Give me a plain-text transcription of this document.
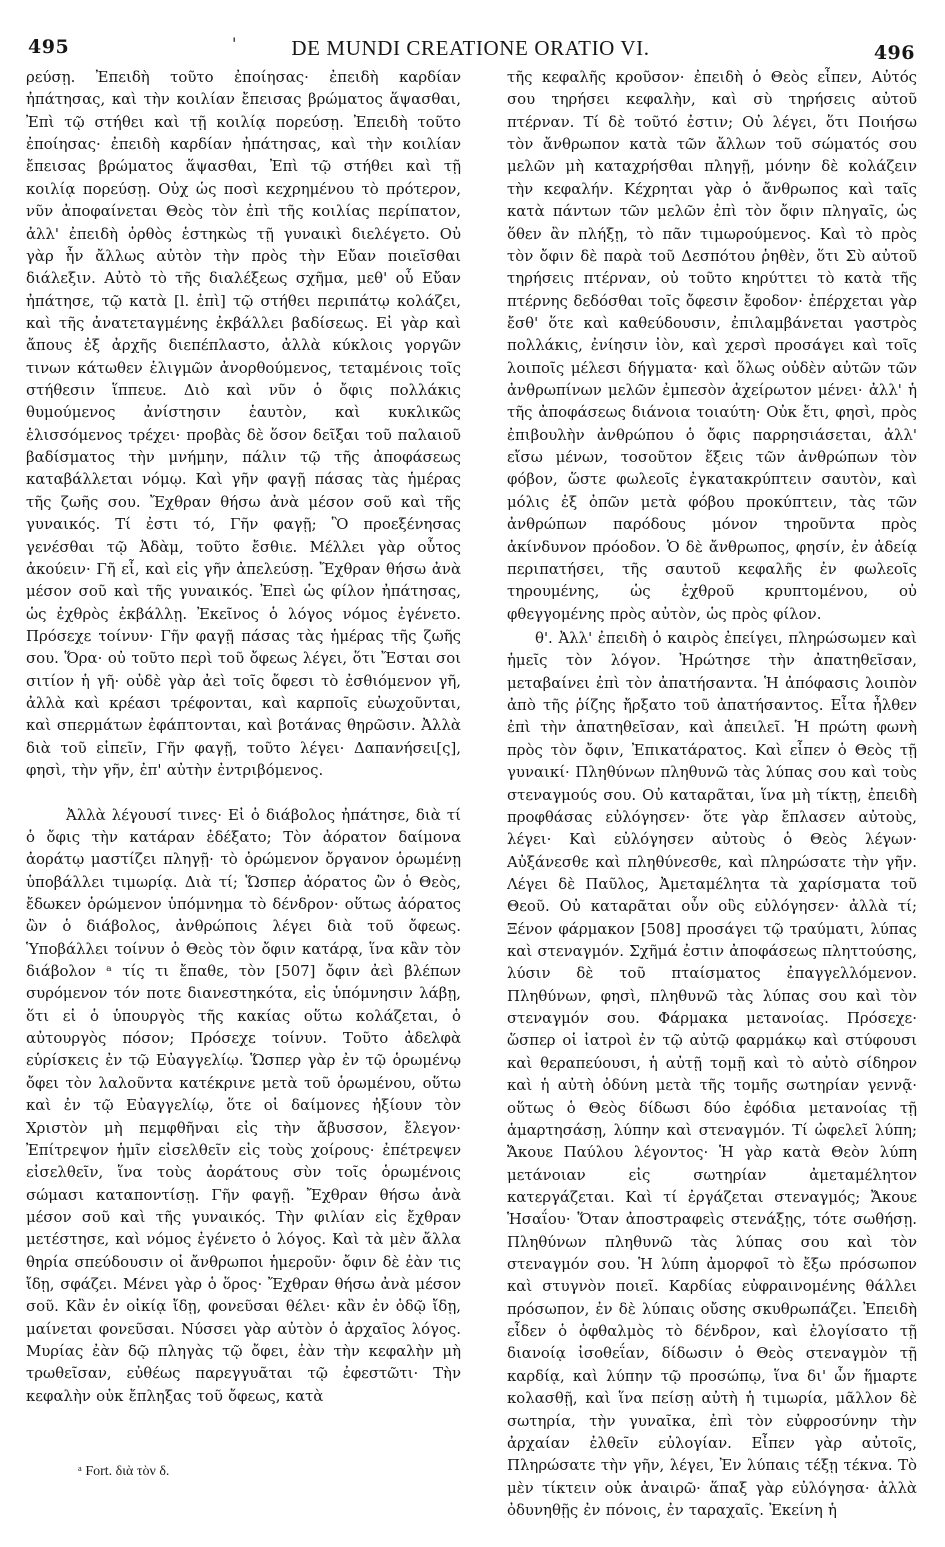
495	'	DE MUNDI CREATIONE ORATIO VI.	496

ρεύσῃ. Ἐπειδὴ τοῦτο ἐποίησας· ἐπειδὴ καρδίαν ἠπάτησας, καὶ τὴν κοιλίαν ἔπεισας βρώματος ἅψασθαι, Ἐπὶ τῷ στήθει καὶ τῇ κοιλίᾳ πορεύσῃ. Ἐπειδὴ τοῦτο ἐποίησας· ἐπειδὴ καρδίαν ἠπάτησας, καὶ τὴν κοιλίαν ἔπεισας βρώματος ἅψασθαι, Ἐπὶ τῷ στήθει καὶ τῇ κοιλίᾳ πορεύσῃ. Οὐχ ὡς ποσὶ κεχρημένου τὸ πρότερον, νῦν ἀποφαίνεται Θεὸς τὸν ἐπὶ τῆς κοιλίας περίπατον, ἀλλ' ἐπειδὴ ὀρθὸς ἑστηκὼς τῇ γυναικὶ διελέγετο. Οὐ γὰρ ἦν ἄλλως αὐτὸν τὴν πρὸς τὴν Εὔαν ποιεῖσθαι διάλεξιν. Αὐτὸ τὸ τῆς διαλέξεως σχῆμα, μεθ' οὗ Εὔαν ἠπάτησε, τῷ κατὰ [l. ἐπὶ] τῷ στήθει περιπάτῳ κολάζει, καὶ τῆς ἀνατεταγμένης ἐκβάλλει βαδίσεως. Εἰ γὰρ καὶ ἄπους ἐξ ἀρχῆς διεπέπλαστο, ἀλλὰ κύκλοις γοργῶν τινων κάτωθεν ἑλιγμῶν ἀνορθούμενος, τεταμένοις τοῖς στήθεσιν ἵππευε. Διὸ καὶ νῦν ὁ ὄφις πολλάκις θυμούμενος ἀνίστησιν ἑαυτὸν, καὶ κυκλικῶς ἑλισσόμενος τρέχει· προβὰς δὲ ὅσον δεῖξαι τοῦ παλαιοῦ βαδίσματος τὴν μνήμην, πάλιν τῷ τῆς ἀποφάσεως καταβάλλεται νόμῳ. Καὶ γῆν φαγῇ πάσας τὰς ἡμέρας τῆς ζωῆς σου. Ἔχθραν θήσω ἀνὰ μέσον σοῦ καὶ τῆς γυναικός. Τί ἐστι τό, Γῆν φαγῇ; Ὃ προεξένησας γενέσθαι τῷ Ἀδὰμ, τοῦτο ἔσθιε. Μέλλει γὰρ οὗτος ἀκούειν· Γῆ εἶ, καὶ εἰς γῆν ἀπελεύσῃ. Ἔχθραν θήσω ἀνὰ μέσον σοῦ καὶ τῆς γυναικός. Ἐπεὶ ὡς φίλον ἠπάτησας, ὡς ἐχθρὸς ἐκβάλλῃ. Ἐκεῖνος ὁ λόγος νόμος ἐγένετο. Πρόσεχε τοίνυν· Γῆν φαγῇ πάσας τὰς ἡμέρας τῆς ζωῆς σου. Ὅρα· οὐ τοῦτο περὶ τοῦ ὄφεως λέγει, ὅτι Ἔσται σοι σιτίον ἡ γῆ· οὐδὲ γὰρ ἀεὶ τοῖς ὄφεσι τὸ ἐσθιόμενον γῆ, ἀλλὰ καὶ κρέασι τρέφονται, καὶ καρποῖς εὐωχοῦνται, καὶ σπερμάτων ἐφάπτονται, καὶ βοτάνας θηρῶσιν. Ἀλλὰ διὰ τοῦ εἰπεῖν, Γῆν φαγῇ, τοῦτο λέγει· Δαπανήσει[ς], φησὶ, τὴν γῆν, ἐπ' αὐτὴν ἐντριβόμενος.

Ἀλλὰ λέγουσί τινες· Εἰ ὁ διάβολος ἠπάτησε, διὰ τί ὁ ὄφις τὴν κατάραν ἐδέξατο; Τὸν ἀόρατον δαίμονα ἀοράτῳ μαστίζει πληγῇ· τὸ ὁρώμενον ὄργανον ὁρωμένῃ ὑποβάλλει τιμωρίᾳ. Διὰ τί; Ὥσπερ ἀόρατος ὢν ὁ Θεὸς, ἔδωκεν ὁρώμενον ὑπόμνημα τὸ δένδρον· οὕτως ἀόρατος ὢν ὁ διάβολος, ἀνθρώποις λέγει διὰ τοῦ ὄφεως. Ὑποβάλλει τοίνυν ὁ Θεὸς τὸν ὄφιν κατάρᾳ, ἵνα κἂν τὸν διάβολον ᵃ τίς τι ἔπαθε, τὸν [507] ὄφιν ἀεὶ βλέπων συρόμενον τόν ποτε διανεστηκότα, εἰς ὑπόμνησιν λάβῃ, ὅτι εἰ ὁ ὑπουργὸς τῆς κακίας οὕτω κολάζεται, ὁ αὐτουργὸς πόσον; Πρόσεχε τοίνυν. Τοῦτο ἀδελφὰ εὑρίσκεις ἐν τῷ Εὐαγγελίῳ. Ὥσπερ γὰρ ἐν τῷ ὁρωμένῳ ὄφει τὸν λαλοῦντα κατέκρινε μετὰ τοῦ ὁρωμένου, οὕτω καὶ ἐν τῷ Εὐαγγελίῳ, ὅτε οἱ δαίμονες ἠξίουν τὸν Χριστὸν μὴ πεμφθῆναι εἰς τὴν ἄβυσσον, ἔλεγον· Ἐπίτρεψον ἡμῖν εἰσελθεῖν εἰς τοὺς χοίρους· ἐπέτρεψεν εἰσελθεῖν, ἵνα τοὺς ἀοράτους σὺν τοῖς ὁρωμένοις σώμασι καταποντίσῃ. Γῆν φαγῇ. Ἔχθραν θήσω ἀνὰ μέσον σοῦ καὶ τῆς γυναικός. Τὴν φιλίαν εἰς ἔχθραν μετέστησε, καὶ νόμος ἐγένετο ὁ λόγος. Καὶ τὰ μὲν ἄλλα θηρία σπεύδουσιν οἱ ἄνθρωποι ἡμεροῦν· ὄφιν δὲ ἐὰν τις ἴδῃ, σφάζει. Μένει γὰρ ὁ ὅρος· Ἔχθραν θήσω ἀνὰ μέσον σοῦ. Κἂν ἐν οἰκίᾳ ἴδῃ, φονεῦσαι θέλει· κἂν ἐν ὁδῷ ἴδῃ, μαίνεται φονεῦσαι. Νύσσει γὰρ αὐτὸν ὁ ἀρχαῖος λόγος. Μυρίας ἐὰν δῷ πληγὰς τῷ ὄφει, ἐὰν τὴν κεφαλὴν μὴ τρωθεῖσαν, εὐθέως παρεγγυᾶται τῷ ἐφεστῶτι· Τὴν κεφαλὴν οὐκ ἔπληξας τοῦ ὄφεως, κατὰ

τῆς κεφαλῆς κροῦσον· ἐπειδὴ ὁ Θεὸς εἶπεν, Αὐτός σου τηρήσει κεφαλὴν, καὶ σὺ τηρήσεις αὐτοῦ πτέρναν. Τί δὲ τοῦτό ἐστιν; Οὐ λέγει, ὅτι Ποιήσω τὸν ἄνθρωπον κατὰ τῶν ἄλλων τοῦ σώματός σου μελῶν μὴ καταχρήσθαι πληγῇ, μόνην δὲ κολάζειν τὴν κεφαλήν. Κέχρηται γὰρ ὁ ἄνθρωπος καὶ ταῖς κατὰ πάντων τῶν μελῶν ἐπὶ τὸν ὄφιν πληγαῖς, ὡς ὅθεν ἂν πλήξῃ, τὸ πᾶν τιμωρούμενος. Καὶ τὸ πρὸς τὸν ὄφιν δὲ παρὰ τοῦ Δεσπότου ῥηθὲν, ὅτι Σὺ αὐτοῦ τηρήσεις πτέρναν, οὐ τοῦτο κηρύττει τὸ κατὰ τῆς πτέρνης δεδόσθαι τοῖς ὄφεσιν ἔφοδον· ἐπέρχεται γὰρ ἔσθ' ὅτε καὶ καθεύδουσιν, ἐπιλαμβάνεται γαστρὸς πολλάκις, ἐνίησιν ἰὸν, καὶ χερσὶ προσάγει καὶ τοῖς λοιποῖς μέλεσι δήγματα· καὶ ὅλως οὐδὲν αὐτῶν τῶν ἀνθρωπίνων μελῶν ἐμπεσὸν ἀχείρωτον μένει· ἀλλ' ἡ τῆς ἀποφάσεως διάνοια τοιαύτη· Οὐκ ἔτι, φησὶ, πρὸς ἐπιβουλὴν ἀνθρώπου ὁ ὄφις παρρησιάσεται, ἀλλ' εἴσω μένων, τοσοῦτον ἕξεις τῶν ἀνθρώπων τὸν φόβον, ὥστε φωλεοῖς ἐγκατακρύπτειν σαυτὸν, καὶ μόλις ἐξ ὀπῶν μετὰ φόβου προκύπτειν, τὰς τῶν ἀνθρώπων παρόδους μόνον τηροῦντα πρὸς ἀκίνδυνον πρόοδον. Ὁ δὲ ἄνθρωπος, φησίν, ἐν ἀδείᾳ περιπατήσει, τῆς σαυτοῦ κεφαλῆς ἐν φωλεοῖς τηρουμένης, ὡς ἐχθροῦ κρυπτομένου, οὐ φθεγγομένης πρὸς αὐτὸν, ὡς πρὸς φίλον.

θ'. Ἀλλ' ἐπειδὴ ὁ καιρὸς ἐπείγει, πληρώσωμεν καὶ ἡμεῖς τὸν λόγον. Ἠρώτησε τὴν ἀπατηθεῖσαν, μεταβαίνει ἐπὶ τὸν ἀπατήσαντα. Ἡ ἀπόφασις λοιπὸν ἀπὸ τῆς ῥίζης ἤρξατο τοῦ ἀπατήσαντος. Εἶτα ἦλθεν ἐπὶ τὴν ἀπατηθεῖσαν, καὶ ἀπειλεῖ. Ἡ πρώτη φωνὴ πρὸς τὸν ὄφιν, Ἐπικατάρατος. Καὶ εἶπεν ὁ Θεὸς τῇ γυναικί· Πληθύνων πληθυνῶ τὰς λύπας σου καὶ τοὺς στεναγμούς σου. Οὐ καταρᾶται, ἵνα μὴ τίκτῃ, ἐπειδὴ προφθάσας εὐλόγησεν· ὅτε γὰρ ἔπλασεν αὐτοὺς, λέγει· Καὶ εὐλόγησεν αὐτοὺς ὁ Θεὸς λέγων· Αὐξάνεσθε καὶ πληθύνεσθε, καὶ πληρώσατε τὴν γῆν. Λέγει δὲ Παῦλος, Ἀμεταμέλητα τὰ χαρίσματα τοῦ Θεοῦ. Οὐ καταρᾶται οὖν οὓς εὐλόγησεν· ἀλλὰ τί; Ξένον φάρμακον [508] προσάγει τῷ τραύματι, λύπας καὶ στεναγμόν. Σχῆμά ἐστιν ἀποφάσεως πληττούσης, λύσιν δὲ τοῦ πταίσματος ἐπαγγελλόμενον. Πληθύνων, φησὶ, πληθυνῶ τὰς λύπας σου καὶ τὸν στεναγμόν σου. Φάρμακα μετανοίας. Πρόσεχε· ὥσπερ οἱ ἰατροὶ ἐν τῷ αὐτῷ φαρμάκῳ καὶ στύφουσι καὶ θεραπεύουσι, ἡ αὐτῇ τομῇ καὶ τὸ αὐτὸ σίδηρον καὶ ἡ αὐτὴ ὀδύνη μετὰ τῆς τομῆς σωτηρίαν γεννᾷ· οὕτως ὁ Θεὸς δίδωσι δύο ἐφόδια μετανοίας τῇ ἁμαρτησάσῃ, λύπην καὶ στεναγμόν. Τί ὠφελεῖ λύπη; Ἄκουε Παύλου λέγοντος· Ἡ γὰρ κατὰ Θεὸν λύπη μετάνοιαν εἰς σωτηρίαν ἀμεταμέλητον κατεργάζεται. Καὶ τί ἐργάζεται στεναγμός; Ἄκουε Ἡσαΐου· Ὅταν ἀποστραφεὶς στενάξῃς, τότε σωθήσῃ. Πληθύνων πληθυνῶ τὰς λύπας σου καὶ τὸν στεναγμόν σου. Ἡ λύπη ἀμορφοῖ τὸ ἔξω πρόσωπον καὶ στυγνὸν ποιεῖ. Καρδίας εὐφραινομένης θάλλει πρόσωπον, ἐν δὲ λύπαις οὔσης σκυθρωπάζει. Ἐπειδὴ εἶδεν ὁ ὀφθαλμὸς τὸ δένδρον, καὶ ἐλογίσατο τῇ διανοίᾳ ἰσοθεΐαν, δίδωσιν ὁ Θεὸς στεναγμὸν τῇ καρδίᾳ, καὶ λύπην τῷ προσώπῳ, ἵνα δι' ὧν ἥμαρτε κολασθῇ, καὶ ἵνα πείσῃ αὐτὴ ἡ τιμωρία, μᾶλλον δὲ σωτηρία, τὴν γυναῖκα, ἐπὶ τὸν εὐφροσύνην τὴν ἀρχαίαν ἐλθεῖν εὐλογίαν. Εἶπεν γὰρ αὐτοῖς, Πληρώσατε τὴν γῆν, λέγει, Ἐν λύπαις τέξῃ τέκνα. Τὸ μὲν τίκτειν οὐκ ἀναιρῶ· ἅπαξ γὰρ εὐλόγησα· ἀλλὰ ὀδυνηθῇς ἐν πόνοις, ἐν ταραχαῖς. Ἐκείνη ἡ

ᵃ Fort. διὰ τὸν δ.
